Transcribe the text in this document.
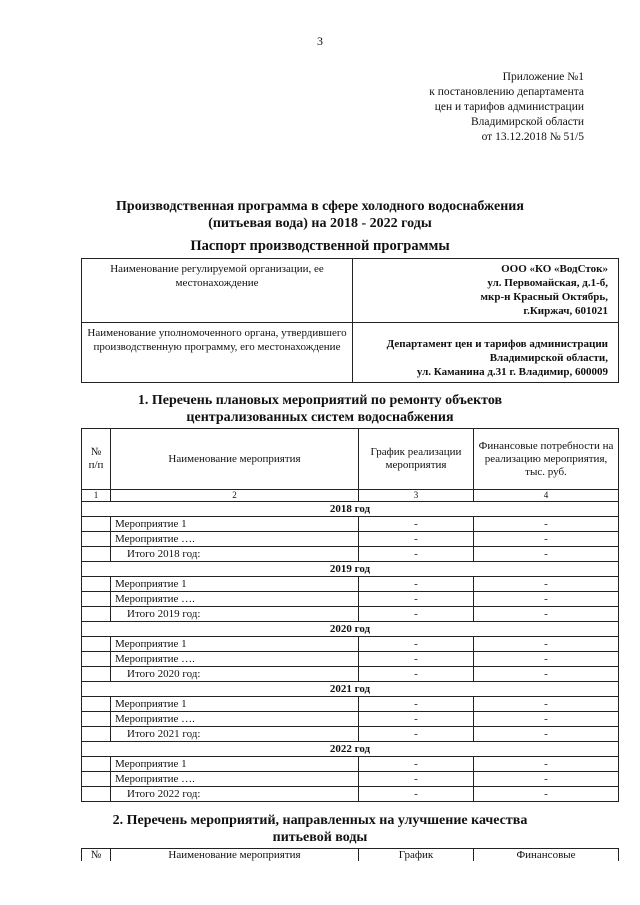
3
Приложение №1
к постановлению департамента
цен и тарифов администрации
Владимирской области
от 13.12.2018 № 51/5
Производственная программа в сфере холодного водоснабжения
(питьевая вода) на 2018 - 2022 годы
Паспорт производственной программы
Наименование регулируемой организации, ее местонахождение	ООО «КО «ВодСток»
ул. Первомайская, д.1-б,
мкр-н Красный Октябрь,
г.Киржач, 601021

Наименование уполномоченного органа, утвердившего производственную программу, его местонахождение	Департамент цен и тарифов администрации
Владимирской области,
ул. Каманина д.31 г. Владимир, 600009
1. Перечень плановых мероприятий по ремонту объектов
централизованных систем водоснабжения
№ п/п	Наименование мероприятия	График реализации мероприятия	Финансовые потребности на реализацию мероприятия, тыс. руб.
1	2	3	4
2018 год			
	Мероприятие 1	-	-
	Мероприятие ….	-	-
	Итого 2018 год:	-	-
2019 год			
	Мероприятие 1	-	-
	Мероприятие ….	-	-
	Итого 2019 год:	-	-
2020 год			
	Мероприятие 1	-	-
	Мероприятие ….	-	-
	Итого 2020 год:	-	-
2021 год			
	Мероприятие 1	-	-
	Мероприятие ….	-	-
	Итого 2021 год:	-	-
2022 год			
	Мероприятие 1	-	-
	Мероприятие ….	-	-
	Итого 2022 год:	-	-
2. Перечень мероприятий, направленных на улучшение качества
питьевой воды
№	Наименование мероприятия	График	Финансовые
